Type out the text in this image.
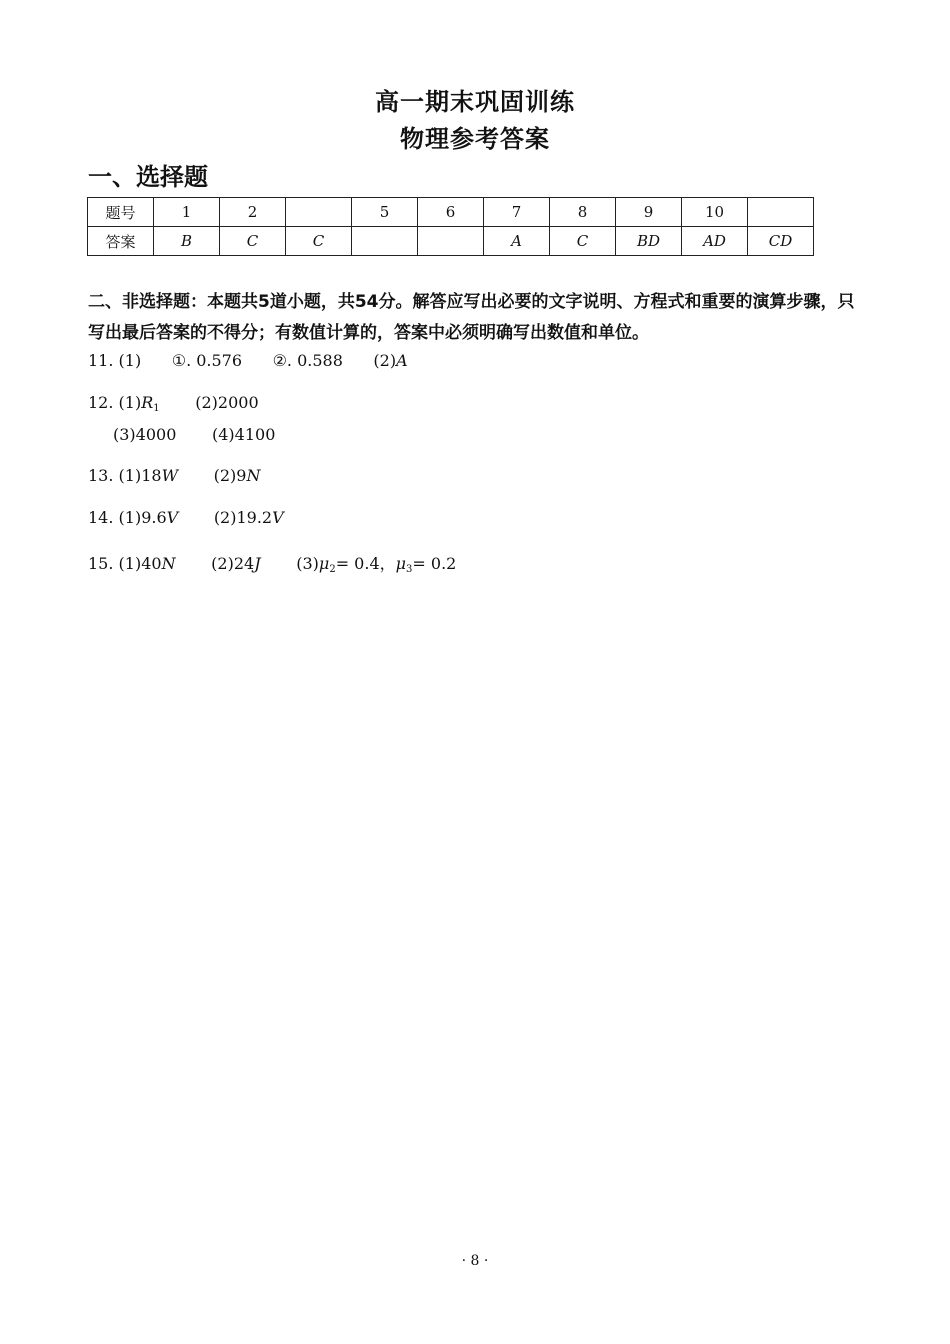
高一期末巩固训练
物理参考答案
一、选择题
题号	1	2		5	6	7	8	9	10	
答案	B	C	C			A	C	BD	AD	CD
二、非选择题：本题共5道小题，共54分。解答应写出必要的文字说明、方程式和重要的演算步骤，只写出最后答案的不得分；有数值计算的，答案中必须明确写出数值和单位。
11. (1) ①. 0.576 ②. 0.588 (2)A
12. $(1)R_1$ (2)2000
(3)4000 (4)4100
13. (1)18W (2)9N
14. (1)9.6V (2)19.2V
15. (1)40N (2)24J $(3)\mu_2= 0.4$，$\mu_3= 0.2$
· 8 ·
